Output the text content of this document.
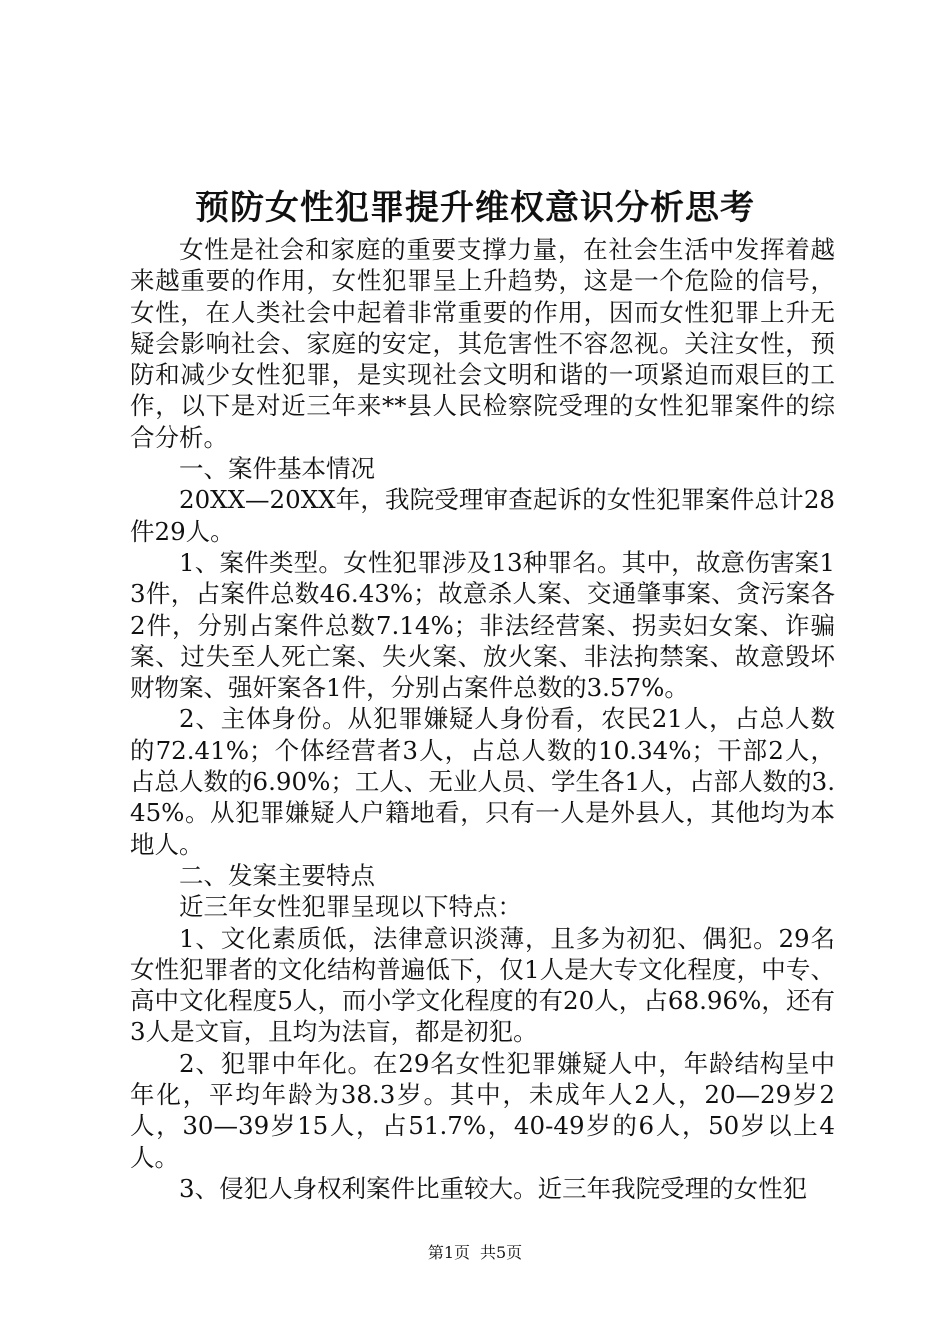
预防女性犯罪提升维权意识分析思考

女性是社会和家庭的重要支撑力量，在社会生活中发挥着越来越重要的作用，女性犯罪呈上升趋势，这是一个危险的信号，女性，在人类社会中起着非常重要的作用，因而女性犯罪上升无疑会影响社会、家庭的安定，其危害性不容忽视。关注女性，预防和减少女性犯罪，是实现社会文明和谐的一项紧迫而艰巨的工作，以下是对近三年来**县人民检察院受理的女性犯罪案件的综合分析。

一、案件基本情况

20XX—20XX年，我院受理审查起诉的女性犯罪案件总计28件29人。

1、案件类型。女性犯罪涉及13种罪名。其中，故意伤害案13件，占案件总数46.43%；故意杀人案、交通肇事案、贪污案各2件，分别占案件总数7.14%；非法经营案、拐卖妇女案、诈骗案、过失至人死亡案、失火案、放火案、非法拘禁案、故意毁坏财物案、强奸案各1件，分别占案件总数的3.57%。

2、主体身份。从犯罪嫌疑人身份看，农民21人，占总人数的72.41%；个体经营者3人，占总人数的10.34%；干部2人，占总人数的6.90%；工人、无业人员、学生各1人，占部人数的3.45%。从犯罪嫌疑人户籍地看，只有一人是外县人，其他均为本地人。

二、发案主要特点

近三年女性犯罪呈现以下特点：

1、文化素质低，法律意识淡薄，且多为初犯、偶犯。29名女性犯罪者的文化结构普遍低下，仅1人是大专文化程度，中专、高中文化程度5人，而小学文化程度的有20人，占68.96%，还有3人是文盲，且均为法盲，都是初犯。

2、犯罪中年化。在29名女性犯罪嫌疑人中，年龄结构呈中年化，平均年龄为38.3岁。其中，未成年人2人，20—29岁2人，30—39岁15人，占51.7%，40-49岁的6人，50岁以上4人。

3、侵犯人身权利案件比重较大。近三年我院受理的女性犯

第1页 共5页
